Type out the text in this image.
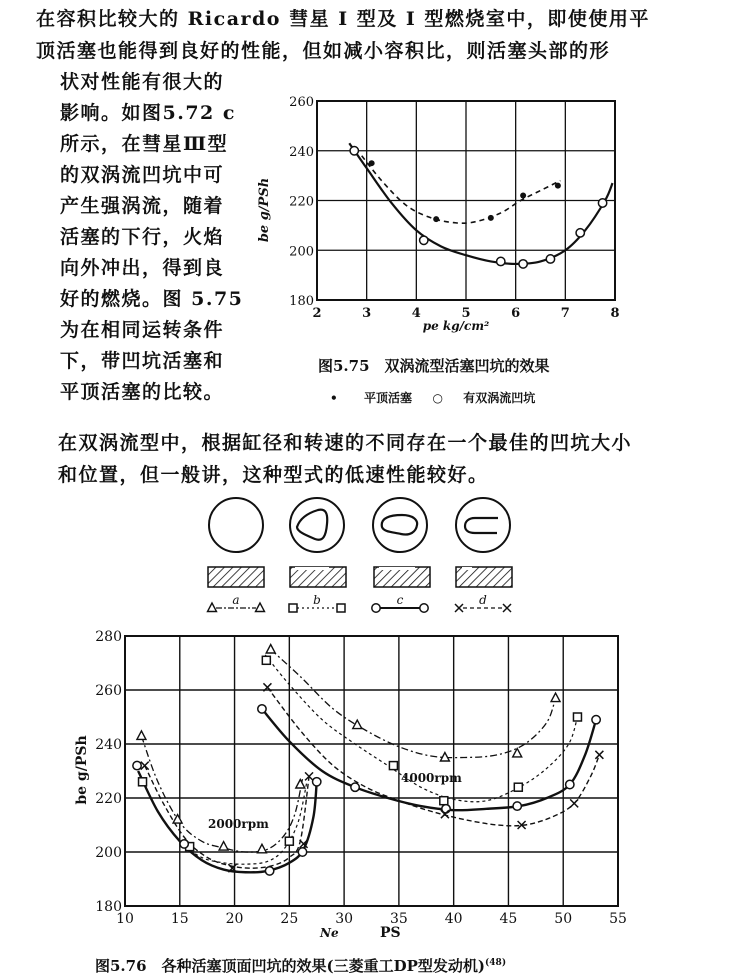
在容积比较大的 Ricardo 彗星 I 型及 I 型燃烧室中，即使使用平
顶活塞也能得到良好的性能，但如减小容积比，则活塞头部的形
状对性能有很大的
影响。如图5.72 c
所示，在彗星Ⅲ型
的双涡流凹坑中可
产生强涡流，随着
活塞的下行，火焰
向外冲出，得到良
好的燃烧。图 5.75
为在相同运转条件
下，带凹坑活塞和
平顶活塞的比较。
2	3	4	5	6	7	8
180
200
220
240
260
be g/PSh
pe kg/cm²
图5.75　双涡流型活塞凹坑的效果
• 平顶活塞 ○ 有双涡流凹坑
在双涡流型中，根据缸径和转速的不同存在一个最佳的凹坑大小
和位置，但一般讲，这种型式的低速性能较好。
a	b	c	d
10	15	20	25	30	35	40	45	50	55
180
200
220
240
260
280
be g/PSh
2000rpm
4000rpm
Ne	PS
图5.76　各种活塞顶面凹坑的效果(三菱重工DP型发动机)$^{(48)}$
